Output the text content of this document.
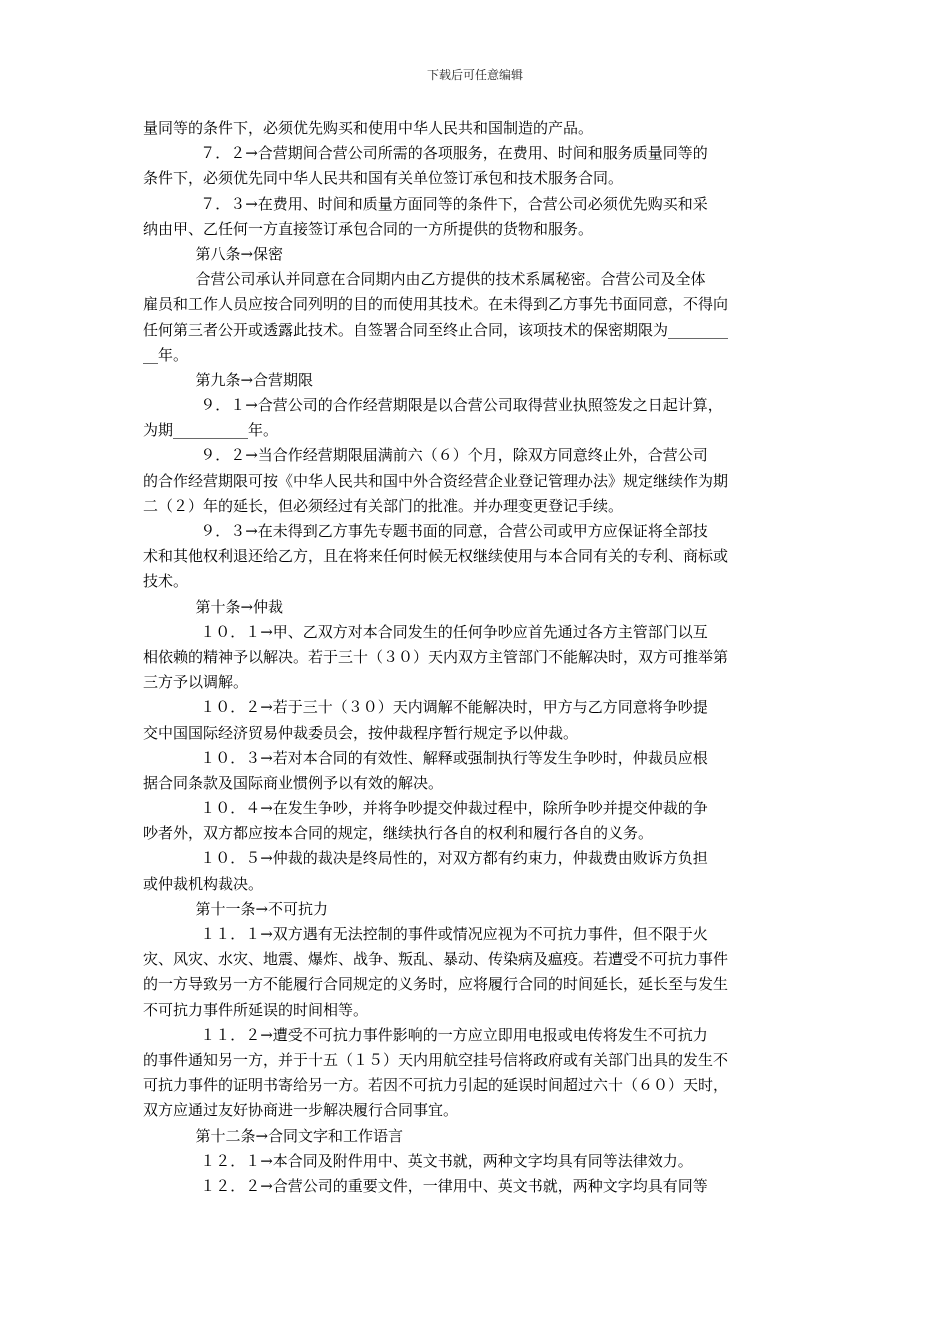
下载后可任意编辑
量同等的条件下，必须优先购买和使用中华人民共和国制造的产品。
７．２→合营期间合营公司所需的各项服务，在费用、时间和服务质量同等的
条件下，必须优先同中华人民共和国有关单位签订承包和技术服务合同。
７．３→在费用、时间和质量方面同等的条件下，合营公司必须优先购买和采
纳由甲、乙任何一方直接签订承包合同的一方所提供的货物和服务。
第八条→保密
合营公司承认并同意在合同期内由乙方提供的技术系属秘密。合营公司及全体
雇员和工作人员应按合同列明的目的而使用其技术。在未得到乙方事先书面同意，不得向
任何第三者公开或透露此技术。自签署合同至终止合同，该项技术的保密期限为________
__年。
第九条→合营期限
９．１→合营公司的合作经营期限是以合营公司取得营业执照签发之日起计算，
为期__________年。
９．２→当合作经营期限届满前六（６）个月，除双方同意终止外，合营公司
的合作经营期限可按《中华人民共和国中外合资经营企业登记管理办法》规定继续作为期
二（２）年的延长，但必须经过有关部门的批准。并办理变更登记手续。
９．３→在未得到乙方事先专题书面的同意，合营公司或甲方应保证将全部技
术和其他权利退还给乙方，且在将来任何时候无权继续使用与本合同有关的专利、商标或
技术。
第十条→仲裁
１０．１→甲、乙双方对本合同发生的任何争吵应首先通过各方主管部门以互
相依赖的精神予以解决。若于三十（３０）天内双方主管部门不能解决时，双方可推举第
三方予以调解。
１０．２→若于三十（３０）天内调解不能解决时，甲方与乙方同意将争吵提
交中国国际经济贸易仲裁委员会，按仲裁程序暂行规定予以仲裁。
１０．３→若对本合同的有效性、解释或强制执行等发生争吵时，仲裁员应根
据合同条款及国际商业惯例予以有效的解决。
１０．４→在发生争吵，并将争吵提交仲裁过程中，除所争吵并提交仲裁的争
吵者外，双方都应按本合同的规定，继续执行各自的权利和履行各自的义务。
１０．５→仲裁的裁决是终局性的，对双方都有约束力，仲裁费由败诉方负担
或仲裁机构裁决。
第十一条→不可抗力
１１．１→双方遇有无法控制的事件或情况应视为不可抗力事件，但不限于火
灾、风灾、水灾、地震、爆炸、战争、叛乱、暴动、传染病及瘟疫。若遭受不可抗力事件
的一方导致另一方不能履行合同规定的义务时，应将履行合同的时间延长，延长至与发生
不可抗力事件所延误的时间相等。
１１．２→遭受不可抗力事件影响的一方应立即用电报或电传将发生不可抗力
的事件通知另一方，并于十五（１５）天内用航空挂号信将政府或有关部门出具的发生不
可抗力事件的证明书寄给另一方。若因不可抗力引起的延误时间超过六十（６０）天时，
双方应通过友好协商进一步解决履行合同事宜。
第十二条→合同文字和工作语言
１２．１→本合同及附件用中、英文书就，两种文字均具有同等法律效力。
１２．２→合营公司的重要文件，一律用中、英文书就，两种文字均具有同等
